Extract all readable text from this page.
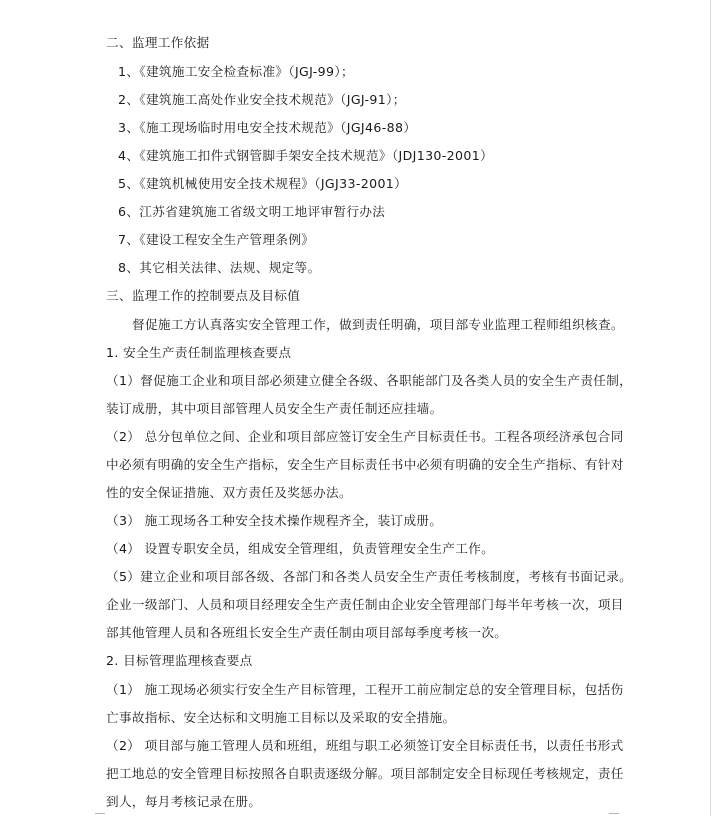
二、监理工作依据
1、《建筑施工安全检查标准》（JGJ-99）；
2、《建筑施工高处作业安全技术规范》（JGJ-91）；
3、《施工现场临时用电安全技术规范》（JGJ46-88）
4、《建筑施工扣件式钢管脚手架安全技术规范》（JDJ130-2001）
5、《建筑机械使用安全技术规程》（JGJ33-2001）
6、江苏省建筑施工省级文明工地评审暂行办法
7、《建设工程安全生产管理条例》
8、其它相关法律、法规、规定等。
三、监理工作的控制要点及目标值
督促施工方认真落实安全管理工作，做到责任明确，项目部专业监理工程师组织核查。
1. 安全生产责任制监理核查要点
（1）督促施工企业和项目部必须建立健全各级、各职能部门及各类人员的安全生产责任制，
装订成册，其中项目部管理人员安全生产责任制还应挂墙。
（2） 总分包单位之间、企业和项目部应签订安全生产目标责任书。工程各项经济承包合同
中必须有明确的安全生产指标，安全生产目标责任书中必须有明确的安全生产指标、有针对
性的安全保证措施、双方责任及奖惩办法。
（3） 施工现场各工种安全技术操作规程齐全，装订成册。
（4） 设置专职安全员，组成安全管理组，负责管理安全生产工作。
（5）建立企业和项目部各级、各部门和各类人员安全生产责任考核制度，考核有书面记录。
企业一级部门、人员和项目经理安全生产责任制由企业安全管理部门每半年考核一次，项目
部其他管理人员和各班组长安全生产责任制由项目部每季度考核一次。
2. 目标管理监理核查要点
（1） 施工现场必须实行安全生产目标管理，工程开工前应制定总的安全管理目标，包括伤
亡事故指标、安全达标和文明施工目标以及采取的安全措施。
（2） 项目部与施工管理人员和班组，班组与职工必须签订安全目标责任书，以责任书形式
把工地总的安全管理目标按照各自职责逐级分解。项目部制定安全目标现任考核规定，责任
到人，每月考核记录在册。
